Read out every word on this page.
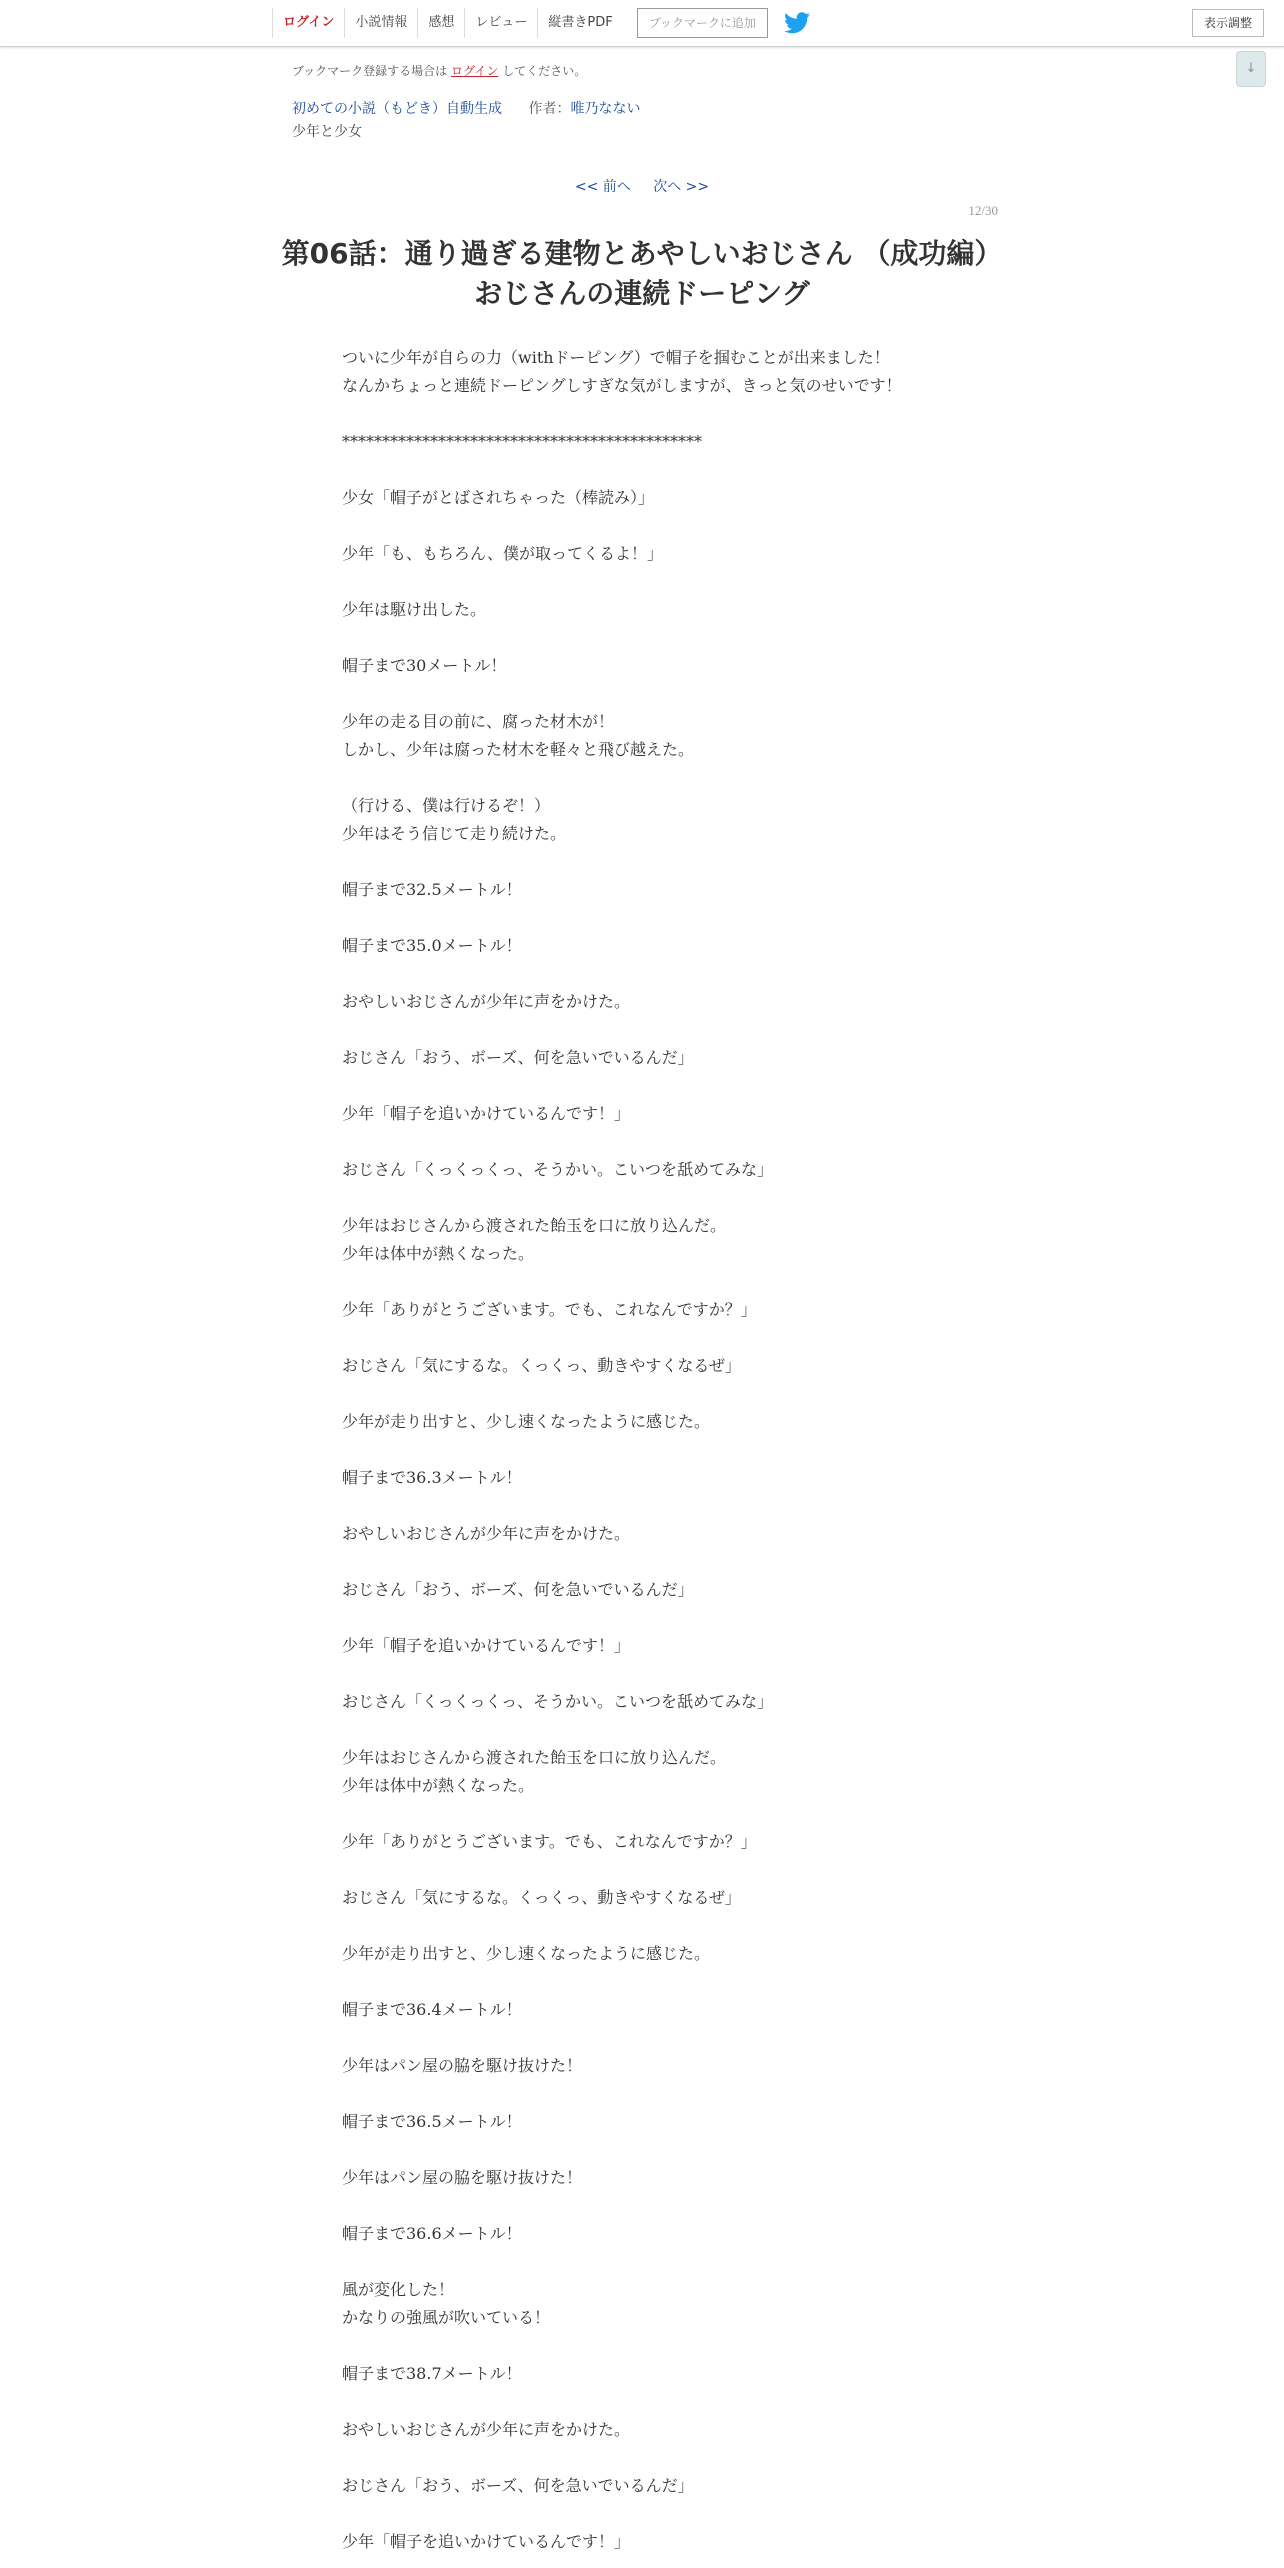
ログイン	小説情報	感想	レビュー	縦書きPDF	ブックマークに追加	表示調整
↓
ブックマーク登録する場合は ログイン してください。
初めての小説（もどき）自動生成 作者：唯乃なない
少年と少女
<< 前へ 次へ >>
12/30
第06話：通り過ぎる建物とあやしいおじさん （成功編）おじさんの連続ドーピング

ついに少年が自らの力（withドーピング）で帽子を掴むことが出来ました！

なんかちょっと連続ドーピングしすぎな気がしますが、きっと気のせいです！

*********************************************

少女「帽子がとばされちゃった（棒読み）」

少年「も、もちろん、僕が取ってくるよ！」

少年は駆け出した。

帽子まで30メートル！

少年の走る目の前に、腐った材木が！

しかし、少年は腐った材木を軽々と飛び越えた。

（行ける、僕は行けるぞ！）

少年はそう信じて走り続けた。

帽子まで32.5メートル！

帽子まで35.0メートル！

おやしいおじさんが少年に声をかけた。

おじさん「おう、ボーズ、何を急いでいるんだ」

少年「帽子を追いかけているんです！」

おじさん「くっくっくっ、そうかい。こいつを舐めてみな」

少年はおじさんから渡された飴玉を口に放り込んだ。

少年は体中が熱くなった。

少年「ありがとうございます。でも、これなんですか？」

おじさん「気にするな。くっくっ、動きやすくなるぜ」

少年が走り出すと、少し速くなったように感じた。

帽子まで36.3メートル！

おやしいおじさんが少年に声をかけた。

おじさん「おう、ボーズ、何を急いでいるんだ」

少年「帽子を追いかけているんです！」

おじさん「くっくっくっ、そうかい。こいつを舐めてみな」

少年はおじさんから渡された飴玉を口に放り込んだ。

少年は体中が熱くなった。

少年「ありがとうございます。でも、これなんですか？」

おじさん「気にするな。くっくっ、動きやすくなるぜ」

少年が走り出すと、少し速くなったように感じた。

帽子まで36.4メートル！

少年はパン屋の脇を駆け抜けた！

帽子まで36.5メートル！

少年はパン屋の脇を駆け抜けた！

帽子まで36.6メートル！

風が変化した！

かなりの強風が吹いている！

帽子まで38.7メートル！

おやしいおじさんが少年に声をかけた。

おじさん「おう、ボーズ、何を急いでいるんだ」

少年「帽子を追いかけているんです！」
